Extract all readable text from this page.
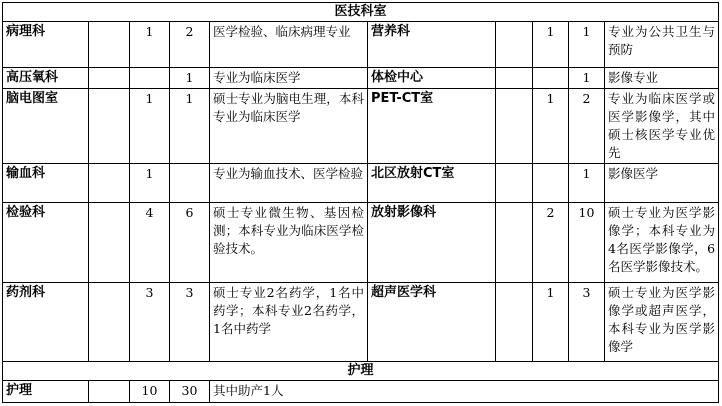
医技科室									
病理科		1	2	医学检验、临床病理专业	营养科		1	1	专业为公共卫生与预防
高压氧科			1	专业为临床医学	体检中心			1	影像专业
脑电图室		1	1	硕士专业为脑电生理，本科专业为临床医学	PET-CT室		1	2	专业为临床医学或医学影像学，其中硕士核医学专业优先
输血科		1		专业为输血技术、医学检验	北区放射CT室			1	影像医学
检验科		4	6	硕士专业微生物、基因检测；本科专业为临床医学检验技术。	放射影像科		2	10	硕士专业为医学影像学；本科专业为4名医学影像学，6名医学影像技术。
药剂科		3	3	硕士专业2名药学，1名中药学；本科专业2名药学，1名中药学	超声医学科		1	3	硕士专业为医学影像学或超声医学，本科专业为医学影像学
护理									
护理		10	30	其中助产1人					
